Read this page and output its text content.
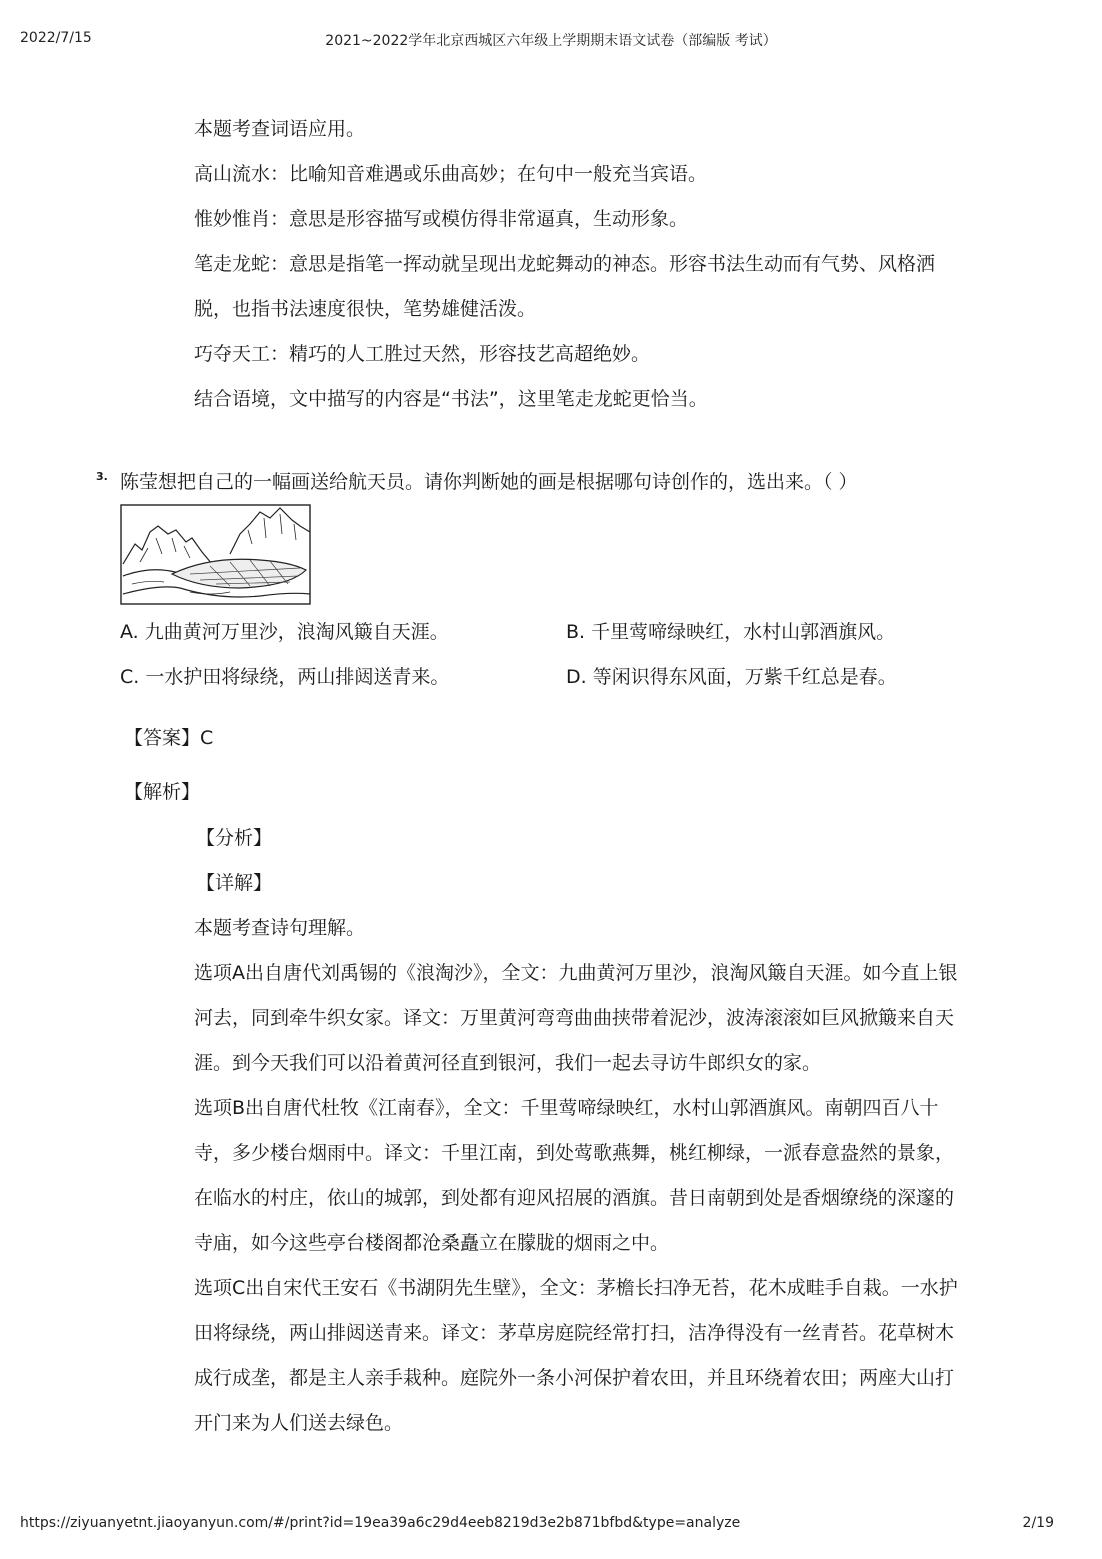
2022/7/15	2021~2022学年北京西城区六年级上学期期末语文试卷（部编版 考试）
本题考查词语应用。
高山流水：比喻知音难遇或乐曲高妙；在句中一般充当宾语。
惟妙惟肖：意思是形容描写或模仿得非常逼真，生动形象。
笔走龙蛇：意思是指笔一挥动就呈现出龙蛇舞动的神态。形容书法生动而有气势、风格洒
脱，也指书法速度很快，笔势雄健活泼。
巧夺天工：精巧的人工胜过天然，形容技艺高超绝妙。
结合语境，文中描写的内容是“书法”，这里笔走龙蛇更恰当。
3. 陈莹想把自己的一幅画送给航天员。请你判断她的画是根据哪句诗创作的，选出来。（ ）
A. 九曲黄河万里沙，浪淘风簸自天涯。	B. 千里莺啼绿映红，水村山郭酒旗风。
C. 一水护田将绿绕，两山排闼送青来。	D. 等闲识得东风面，万紫千红总是春。
【答案】C
【解析】
【分析】
【详解】
本题考查诗句理解。
选项A出自唐代刘禹锡的《浪淘沙》，全文：九曲黄河万里沙，浪淘风簸自天涯。如今直上银
河去，同到牵牛织女家。译文：万里黄河弯弯曲曲挟带着泥沙，波涛滚滚如巨风掀簸来自天
涯。到今天我们可以沿着黄河径直到银河，我们一起去寻访牛郎织女的家。
选项B出自唐代杜牧《江南春》，全文：千里莺啼绿映红，水村山郭酒旗风。南朝四百八十
寺，多少楼台烟雨中。译文：千里江南，到处莺歌燕舞，桃红柳绿，一派春意盎然的景象，
在临水的村庄，依山的城郭，到处都有迎风招展的酒旗。昔日南朝到处是香烟缭绕的深邃的
寺庙，如今这些亭台楼阁都沧桑矗立在朦胧的烟雨之中。
选项C出自宋代王安石《书湖阴先生壁》，全文：茅檐长扫净无苔，花木成畦手自栽。一水护
田将绿绕，两山排闼送青来。译文：茅草房庭院经常打扫，洁净得没有一丝青苔。花草树木
成行成垄，都是主人亲手栽种。庭院外一条小河保护着农田，并且环绕着农田；两座大山打
开门来为人们送去绿色。
https://ziyuanyetnt.jiaoyanyun.com/#/print?id=19ea39a6c29d4eeb8219d3e2b871bfbd&type=analyze	2/19
